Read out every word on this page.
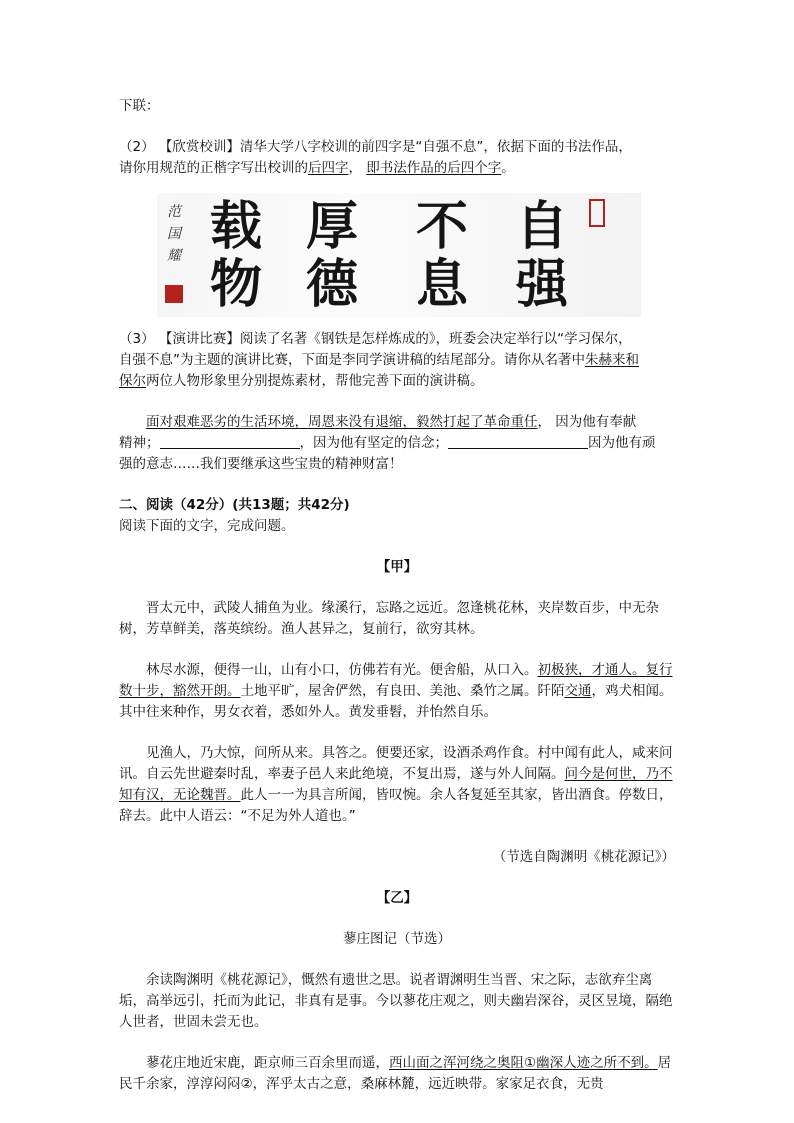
下联：

（2） 【欣赏校训】清华大学八字校训的前四字是“自强不息”，依据下面的书法作品，
请你用规范的正楷字写出校训的后四字， 即书法作品的后四个字。

范国耀 载 厚 不 自
物 德 息 强

（3） 【演讲比赛】阅读了名著《钢铁是怎样炼成的》，班委会决定举行以“学习保尔，
自强不息”为主题的演讲比赛，下面是李同学演讲稿的结尾部分。请你从名著中朱赫来和
保尔两位人物形象里分别提炼素材，帮他完善下面的演讲稿。

面对艰难恶劣的生活环境，周恩来没有退缩，毅然打起了革命重任， 因为他有奉献
精神；	，因为他有坚定的信念；	因为他有顽
强的意志……我们要继承这些宝贵的精神财富！

二、阅读（42分）(共13题；共42分)

阅读下面的文字，完成问题。

【甲】

晋太元中，武陵人捕鱼为业。缘溪行，忘路之远近。忽逢桃花林，夹岸数百步，中无杂树，芳草鲜美，落英缤纷。渔人甚异之，复前行，欲穷其林。

林尽水源，便得一山，山有小口，仿佛若有光。便舍船，从口入。初极狭，才通人。复行数十步，豁然开朗。土地平旷，屋舍俨然，有良田、美池、桑竹之属。阡陌交通，鸡犬相闻。其中往来种作，男女衣着，悉如外人。黄发垂髫，并怡然自乐。

见渔人，乃大惊，问所从来。具答之。便要还家，设酒杀鸡作食。村中闻有此人，咸来问讯。自云先世避秦时乱，率妻子邑人来此绝境，不复出焉，遂与外人间隔。问今是何世，乃不知有汉，无论魏晋。此人一一为具言所闻，皆叹惋。余人各复延至其家，皆出酒食。停数日，辞去。此中人语云：“不足为外人道也。”

（节选自陶渊明《桃花源记》）

【乙】

蓼庄图记（节选）

余读陶渊明《桃花源记》，慨然有遗世之思。说者谓渊明生当晋、宋之际，志欲弃尘离垢，高举远引，托而为此记，非真有是事。今以蓼花庄观之，则夫幽岩深谷，灵区昱境，隔绝人世者，世固未尝无也。

蓼花庄地近宋鹿，距京师三百余里而遥，西山面之浑河绕之奥阻①幽深人迹之所不到。居民千余家，淳淳闷闷②，浑乎太古之意，桑麻林麓，远近映带。家家足衣食，无贵
